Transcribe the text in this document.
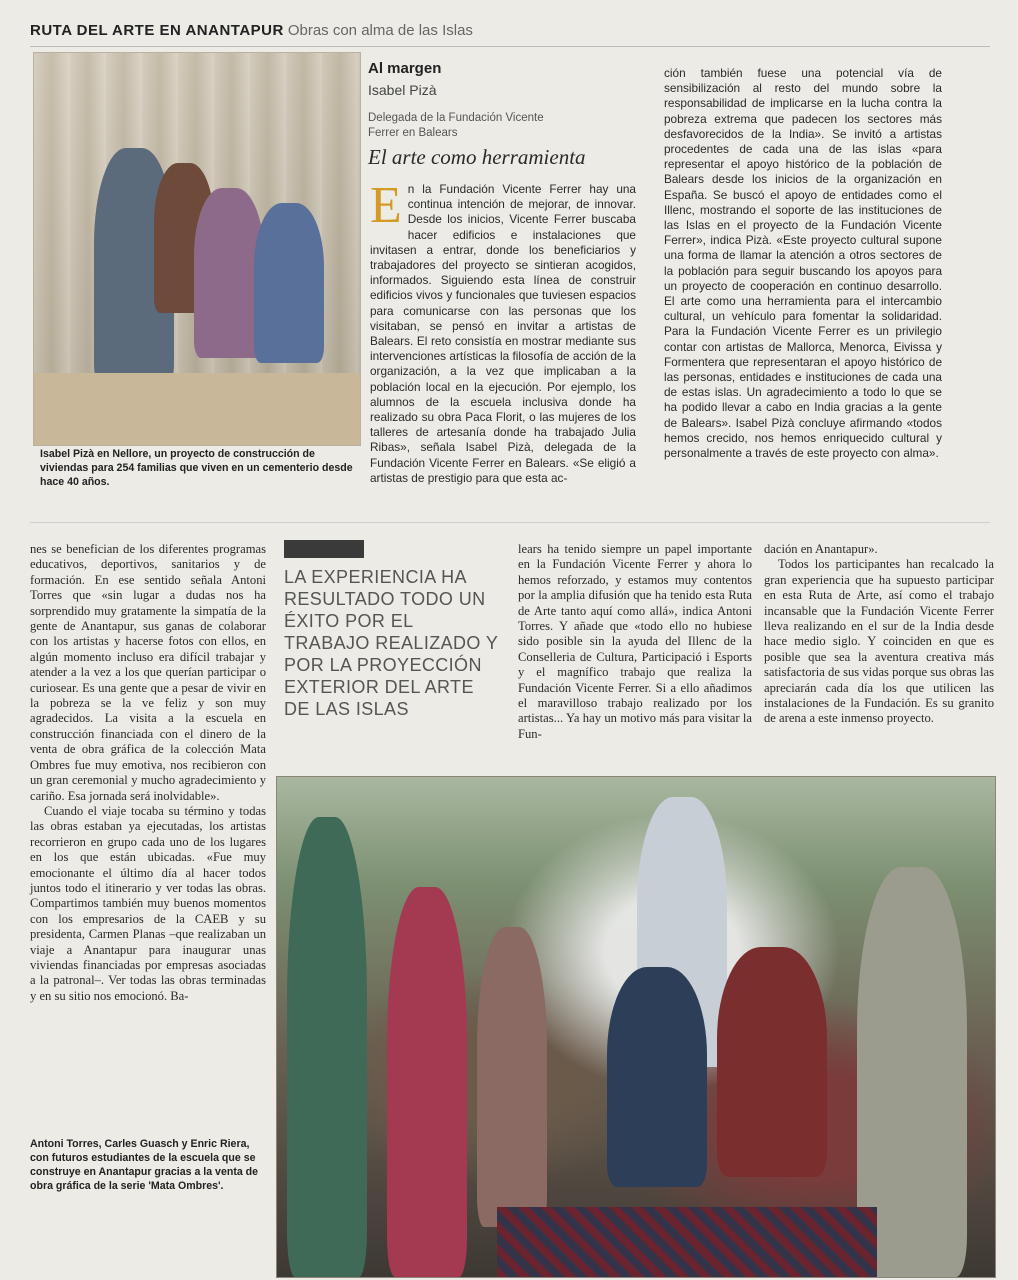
RUTA DEL ARTE EN ANANTAPUR Obras con alma de las Islas
Isabel Pizà en Nellore, un proyecto de construcción de viviendas para 254 familias que viven en un cementerio desde hace 40 años.
Al margen
Isabel Pizà
Delegada de la Fundación Vicente Ferrer en Balears
El arte como herramienta
E n la Fundación Vicente Ferrer hay una continua intención de mejorar, de innovar. Desde los inicios, Vicente Ferrer buscaba hacer edificios e instalaciones que invitasen a entrar, donde los beneficiarios y trabajadores del proyecto se sintieran acogidos, informados. Siguiendo esta línea de construir edificios vivos y funcionales que tuviesen espacios para comunicarse con las personas que los visitaban, se pensó en invitar a artistas de Balears. El reto consistía en mostrar mediante sus intervenciones artísticas la filosofía de acción de la organización, a la vez que implicaban a la población local en la ejecución. Por ejemplo, los alumnos de la escuela inclusiva donde ha realizado su obra Paca Florit, o las mujeres de los talleres de artesanía donde ha trabajado Julia Ribas», señala Isabel Pizà, delegada de la Fundación Vicente Ferrer en Balears. «Se eligió a artistas de prestigio para que esta ac-
ción también fuese una potencial vía de sensibilización al resto del mundo sobre la responsabilidad de implicarse en la lucha contra la pobreza extrema que padecen los sectores más desfavorecidos de la India». Se invitó a artistas procedentes de cada una de las islas «para representar el apoyo histórico de la población de Balears desde los inicios de la organización en España. Se buscó el apoyo de entidades como el Illenc, mostrando el soporte de las instituciones de las Islas en el proyecto de la Fundación Vicente Ferrer», indica Pizà. «Este proyecto cultural supone una forma de llamar la atención a otros sectores de la población para seguir buscando los apoyos para un proyecto de cooperación en continuo desarrollo. El arte como una herramienta para el intercambio cultural, un vehículo para fomentar la solidaridad. Para la Fundación Vicente Ferrer es un privilegio contar con artistas de Mallorca, Menorca, Eivissa y Formentera que representaran el apoyo histórico de las personas, entidades e instituciones de cada una de estas islas. Un agradecimiento a todo lo que se ha podido llevar a cabo en India gracias a la gente de Balears». Isabel Pizà concluye afirmando «todos hemos crecido, nos hemos enriquecido cultural y personalmente a través de este proyecto con alma».
nes se benefician de los diferentes programas educativos, deportivos, sanitarios y de formación. En ese sentido señala Antoni Torres que «sin lugar a dudas nos ha sorprendido muy gratamente la simpatía de la gente de Anantapur, sus ganas de colaborar con los artistas y hacerse fotos con ellos, en algún momento incluso era difícil trabajar y atender a la vez a los que querían participar o curiosear. Es una gente que a pesar de vivir en la pobreza se la ve feliz y son muy agradecidos. La visita a la escuela en construcción financiada con el dinero de la venta de obra gráfica de la colección Mata Ombres fue muy emotiva, nos recibieron con un gran ceremonial y mucho agradecimiento y cariño. Esa jornada será inolvidable».
Cuando el viaje tocaba su término y todas las obras estaban ya ejecutadas, los artistas recorrieron en grupo cada uno de los lugares en los que están ubicadas. «Fue muy emocionante el último día al hacer todos juntos todo el itinerario y ver todas las obras. Compartimos también muy buenos momentos con los empresarios de la CAEB y su presidenta, Carmen Planas –que realizaban un viaje a Anantapur para inaugurar unas viviendas financiadas por empresas asociadas a la patronal–. Ver todas las obras terminadas y en su sitio nos emocionó. Ba-
LA EXPERIENCIA HA RESULTADO TODO UN ÉXITO POR EL TRABAJO REALIZADO Y POR LA PROYECCIÓN EXTERIOR DEL ARTE DE LAS ISLAS
lears ha tenido siempre un papel importante en la Fundación Vicente Ferrer y ahora lo hemos reforzado, y estamos muy contentos por la amplia difusión que ha tenido esta Ruta de Arte tanto aquí como allá», indica Antoni Torres. Y añade que «todo ello no hubiese sido posible sin la ayuda del Illenc de la Conselleria de Cultura, Participació i Esports y el magnífico trabajo que realiza la Fundación Vicente Ferrer. Si a ello añadimos el maravilloso trabajo realizado por los artistas... Ya hay un motivo más para visitar la Fun-
dación en Anantapur».
Todos los participantes han recalcado la gran experiencia que ha supuesto participar en esta Ruta de Arte, así como el trabajo incansable que la Fundación Vicente Ferrer lleva realizando en el sur de la India desde hace medio siglo. Y coinciden en que es posible que sea la aventura creativa más satisfactoria de sus vidas porque sus obras las apreciarán cada día los que utilicen las instalaciones de la Fundación. Es su granito de arena a este inmenso proyecto.
Antoni Torres, Carles Guasch y Enric Riera, con futuros estudiantes de la escuela que se construye en Anantapur gracias a la venta de obra gráfica de la serie 'Mata Ombres'.
